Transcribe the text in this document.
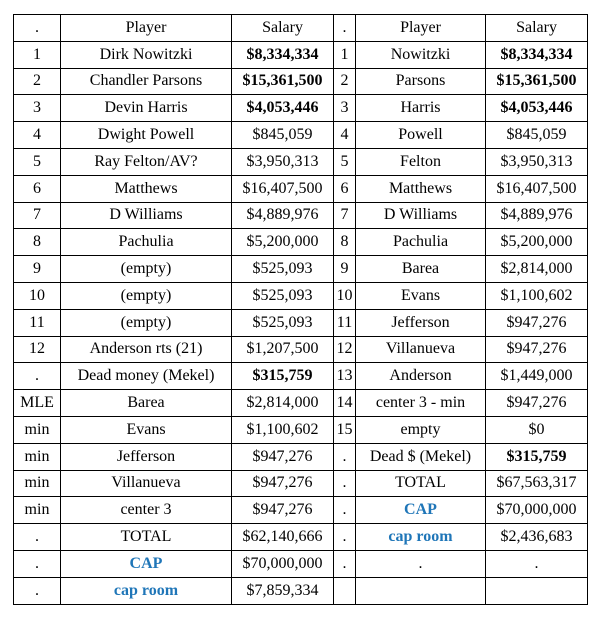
.	Player	Salary	.	Player	Salary
1	Dirk Nowitzki	$8,334,334	1	Nowitzki	$8,334,334
2	Chandler Parsons	$15,361,500	2	Parsons	$15,361,500
3	Devin Harris	$4,053,446	3	Harris	$4,053,446
4	Dwight Powell	$845,059	4	Powell	$845,059
5	Ray Felton/AV?	$3,950,313	5	Felton	$3,950,313
6	Matthews	$16,407,500	6	Matthews	$16,407,500
7	D Williams	$4,889,976	7	D Williams	$4,889,976
8	Pachulia	$5,200,000	8	Pachulia	$5,200,000
9	(empty)	$525,093	9	Barea	$2,814,000
10	(empty)	$525,093	10	Evans	$1,100,602
11	(empty)	$525,093	11	Jefferson	$947,276
12	Anderson rts (21)	$1,207,500	12	Villanueva	$947,276
.	Dead money (Mekel)	$315,759	13	Anderson	$1,449,000
MLE	Barea	$2,814,000	14	center 3 - min	$947,276
min	Evans	$1,100,602	15	empty	$0
min	Jefferson	$947,276	.	Dead $ (Mekel)	$315,759
min	Villanueva	$947,276	.	TOTAL	$67,563,317
min	center 3	$947,276	.	CAP	$70,000,000
.	TOTAL	$62,140,666	.	cap room	$2,436,683
.	CAP	$70,000,000	.	.	.
.	cap room	$7,859,334			
